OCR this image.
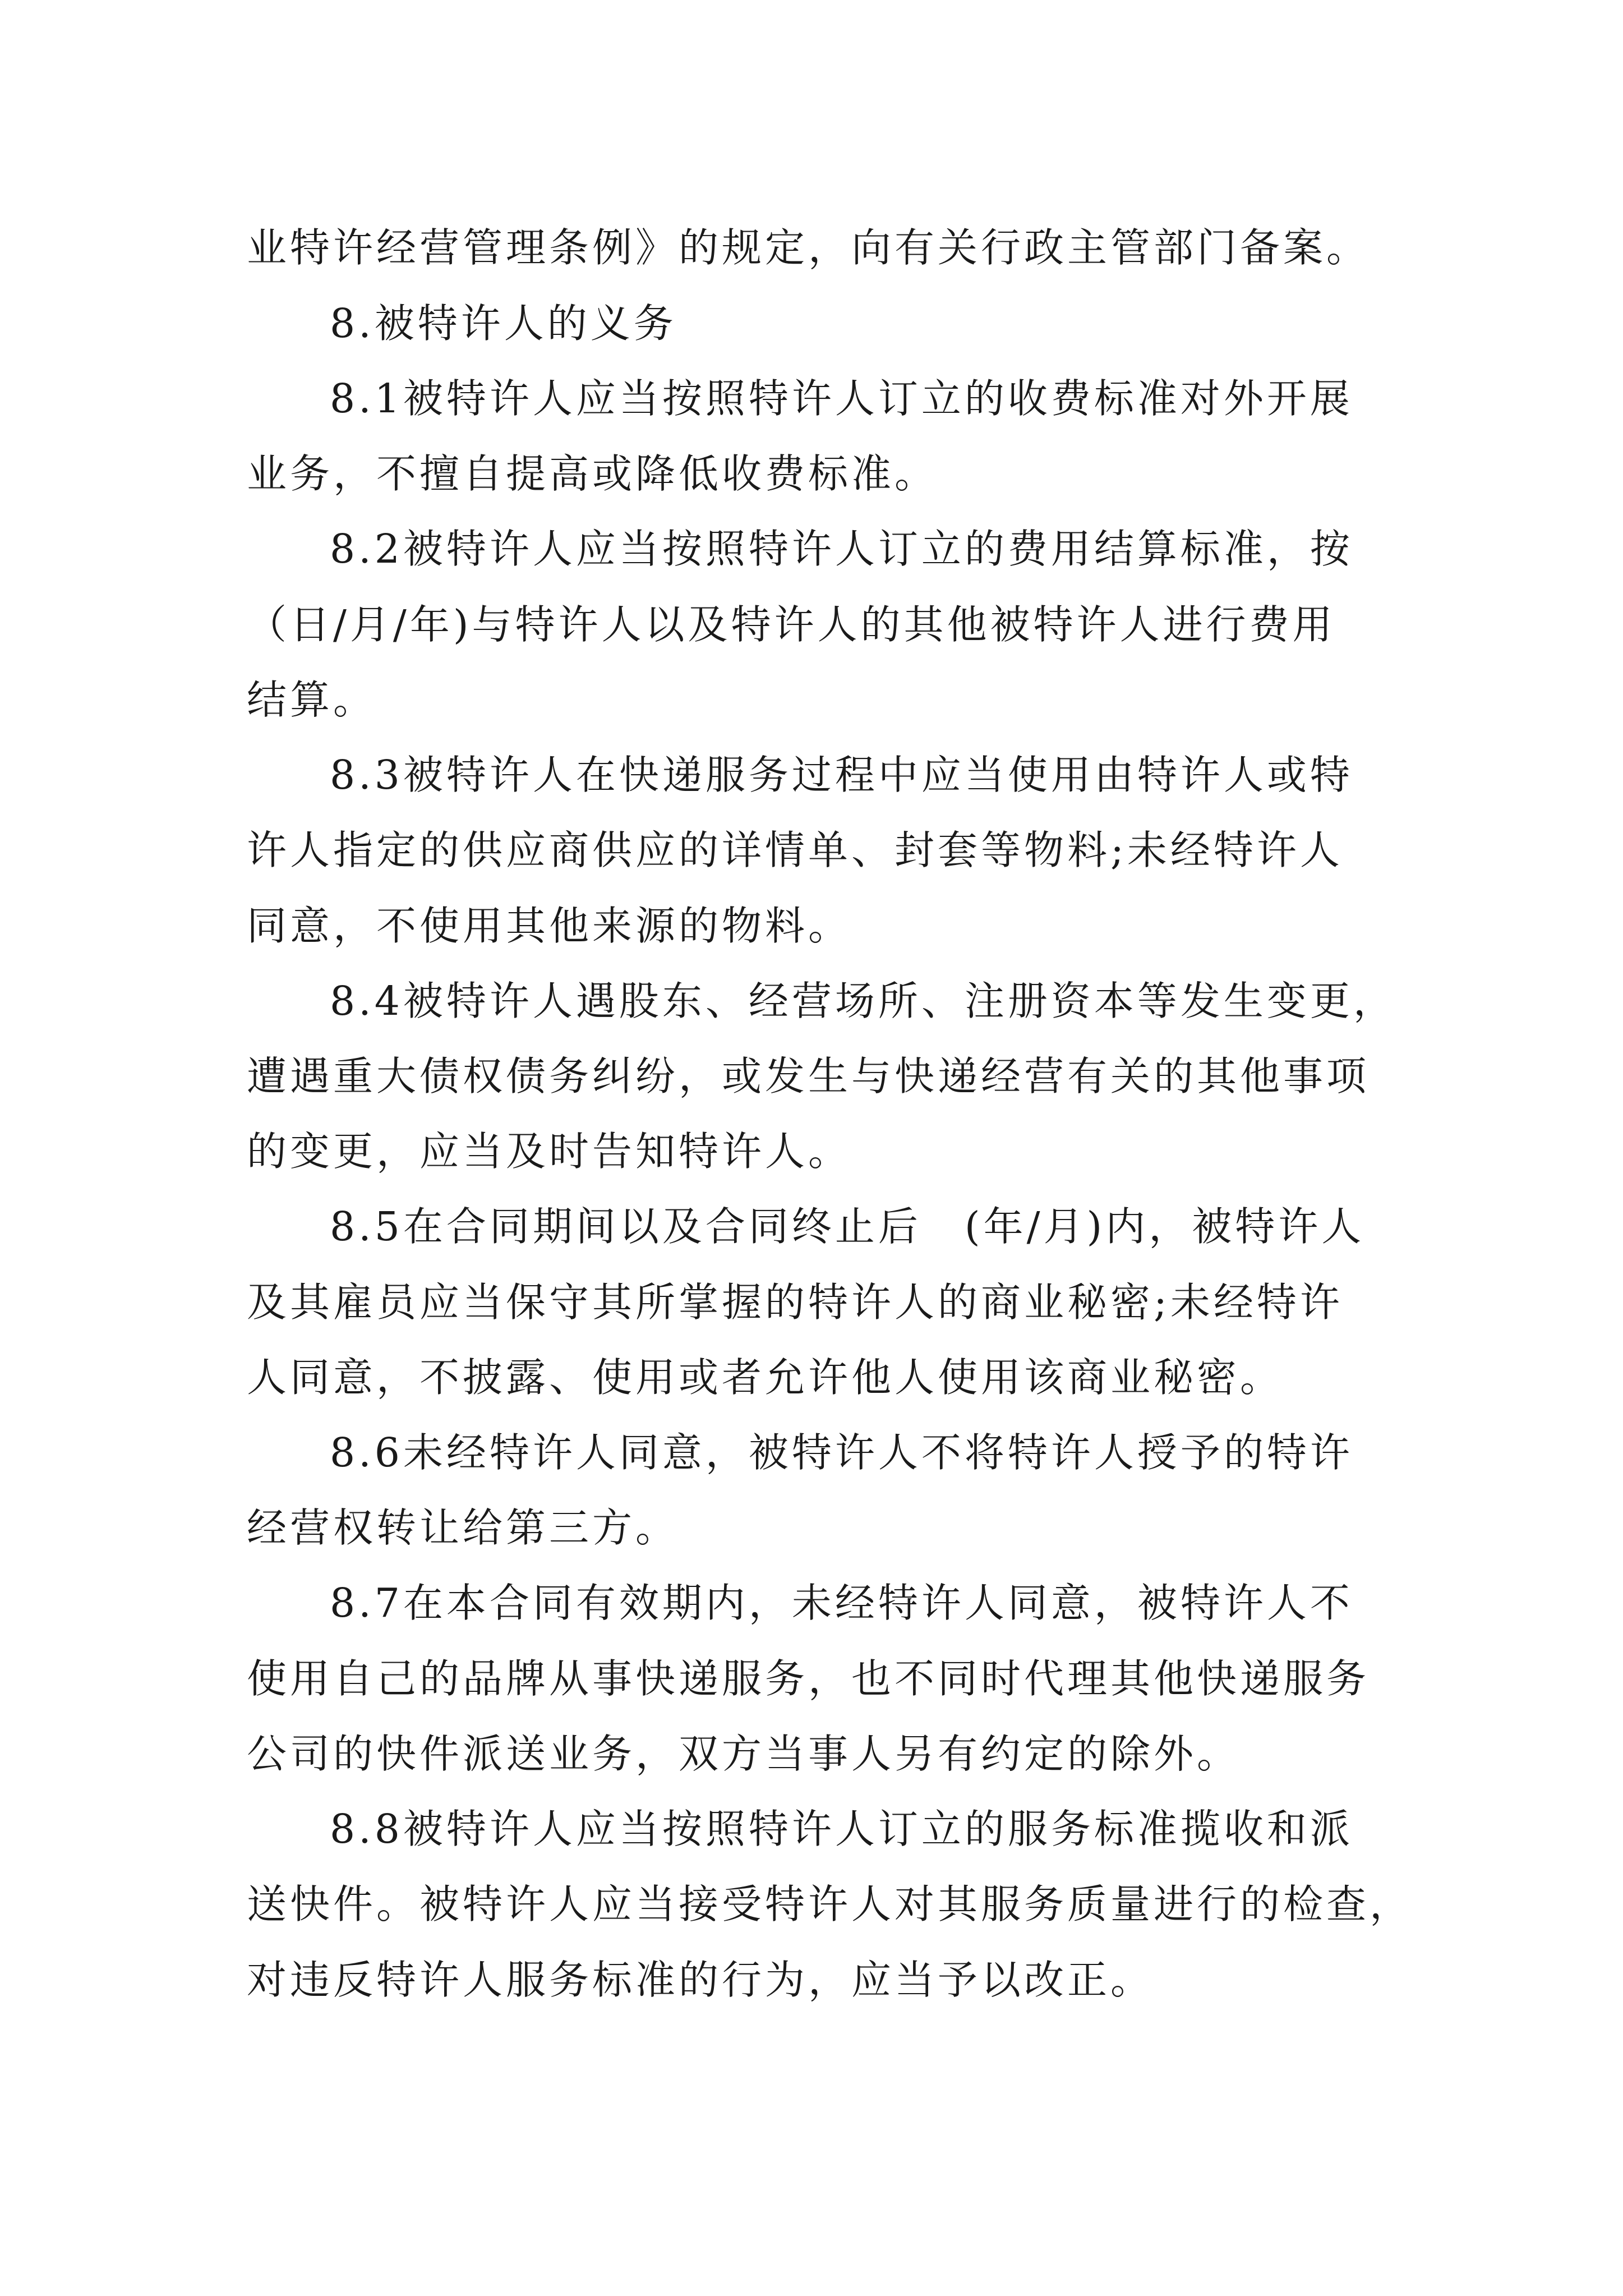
业特许经营管理条例》的规定，向有关行政主管部门备案。
8.被特许人的义务
8.1被特许人应当按照特许人订立的收费标准对外开展
业务，不擅自提高或降低收费标准。
8.2被特许人应当按照特许人订立的费用结算标准，按
（日/月/年)与特许人以及特许人的其他被特许人进行费用
结算。
8.3被特许人在快递服务过程中应当使用由特许人或特
许人指定的供应商供应的详情单、封套等物料;未经特许人
同意，不使用其他来源的物料。
8.4被特许人遇股东、经营场所、注册资本等发生变更，
遭遇重大债权债务纠纷，或发生与快递经营有关的其他事项
的变更，应当及时告知特许人。
8.5在合同期间以及合同终止后　(年/月)内，被特许人
及其雇员应当保守其所掌握的特许人的商业秘密;未经特许
人同意，不披露、使用或者允许他人使用该商业秘密。
8.6未经特许人同意，被特许人不将特许人授予的特许
经营权转让给第三方。
8.7在本合同有效期内，未经特许人同意，被特许人不
使用自己的品牌从事快递服务，也不同时代理其他快递服务
公司的快件派送业务，双方当事人另有约定的除外。
8.8被特许人应当按照特许人订立的服务标准揽收和派
送快件。被特许人应当接受特许人对其服务质量进行的检查，
对违反特许人服务标准的行为，应当予以改正。
